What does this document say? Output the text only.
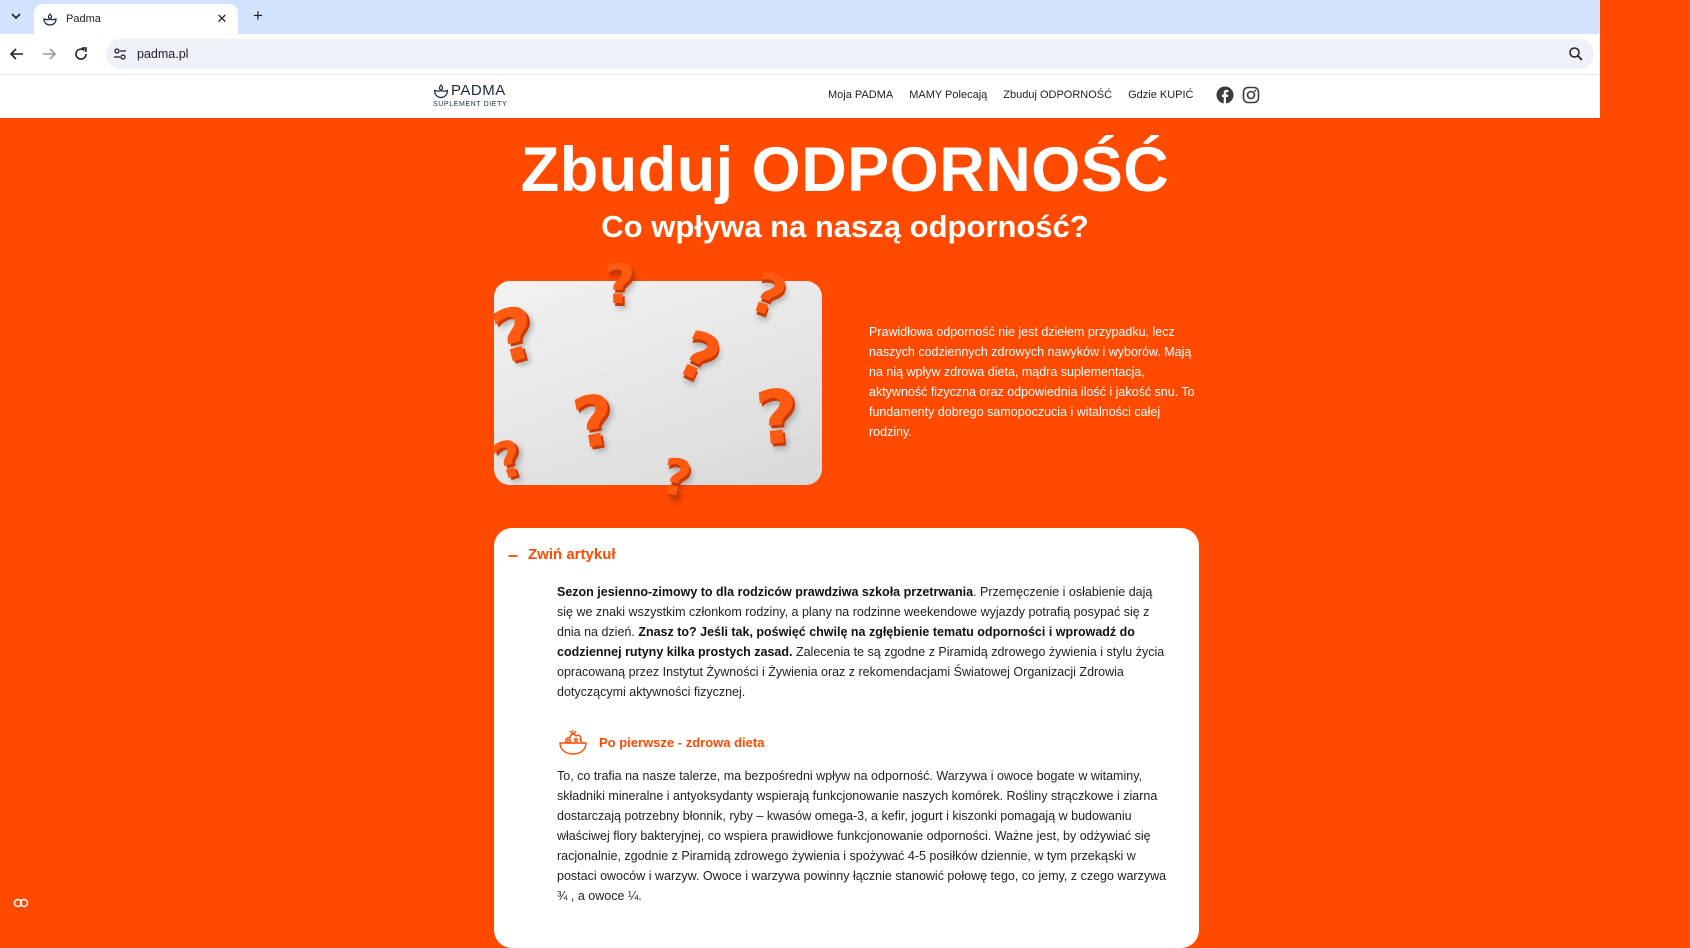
Padma	✕ +
padma.pl
PADMA
SUPLEMENT DIETY
Moja PADMA MAMY Polecają Zbuduj ODPORNOŚĆ Gdzie KUPIĆ
Zbuduj ODPORNOŚĆ
Co wpływa na naszą odporność?
?
? ?
?
? ?
?	?

Prawidłowa odporność nie jest dziełem przypadku, lecz naszych codziennych zdrowych nawyków i wyborów. Mają na nią wpływ zdrowa dieta, mądra suplementacja, aktywność fizyczna oraz odpowiednia ilość i jakość snu. To fundamenty dobrego samopoczucia i witalności całej rodziny.

– Zwiń artykuł

Sezon jesienno-zimowy to dla rodziców prawdziwa szkoła przetrwania. Przemęczenie i osłabienie dają się we znaki wszystkim członkom rodziny, a plany na rodzinne weekendowe wyjazdy potrafią posypać się z dnia na dzień. Znasz to? Jeśli tak, poświęć chwilę na zgłębienie tematu odporności i wprowadź do codziennej rutyny kilka prostych zasad. Zalecenia te są zgodne z Piramidą zdrowego żywienia i stylu życia opracowaną przez Instytut Żywności i Żywienia oraz z rekomendacjami Światowej Organizacji Zdrowia dotyczącymi aktywności fizycznej.

Po pierwsze - zdrowa dieta

To, co trafia na nasze talerze, ma bezpośredni wpływ na odporność. Warzywa i owoce bogate w witaminy, składniki mineralne i antyoksydanty wspierają funkcjonowanie naszych komórek. Rośliny strączkowe i ziarna dostarczają potrzebny błonnik, ryby – kwasów omega-3, a kefir, jogurt i kiszonki pomagają w budowaniu właściwej flory bakteryjnej, co wspiera prawidłowe funkcjonowanie odporności. Ważne jest, by odżywiać się racjonalnie, zgodnie z Piramidą zdrowego żywienia i spożywać 4-5 posiłków dziennie, w tym przekąski w postaci owoców i warzyw. Owoce i warzywa powinny łącznie stanowić połowę tego, co jemy, z czego warzywa ¾ , a owoce ¼.
